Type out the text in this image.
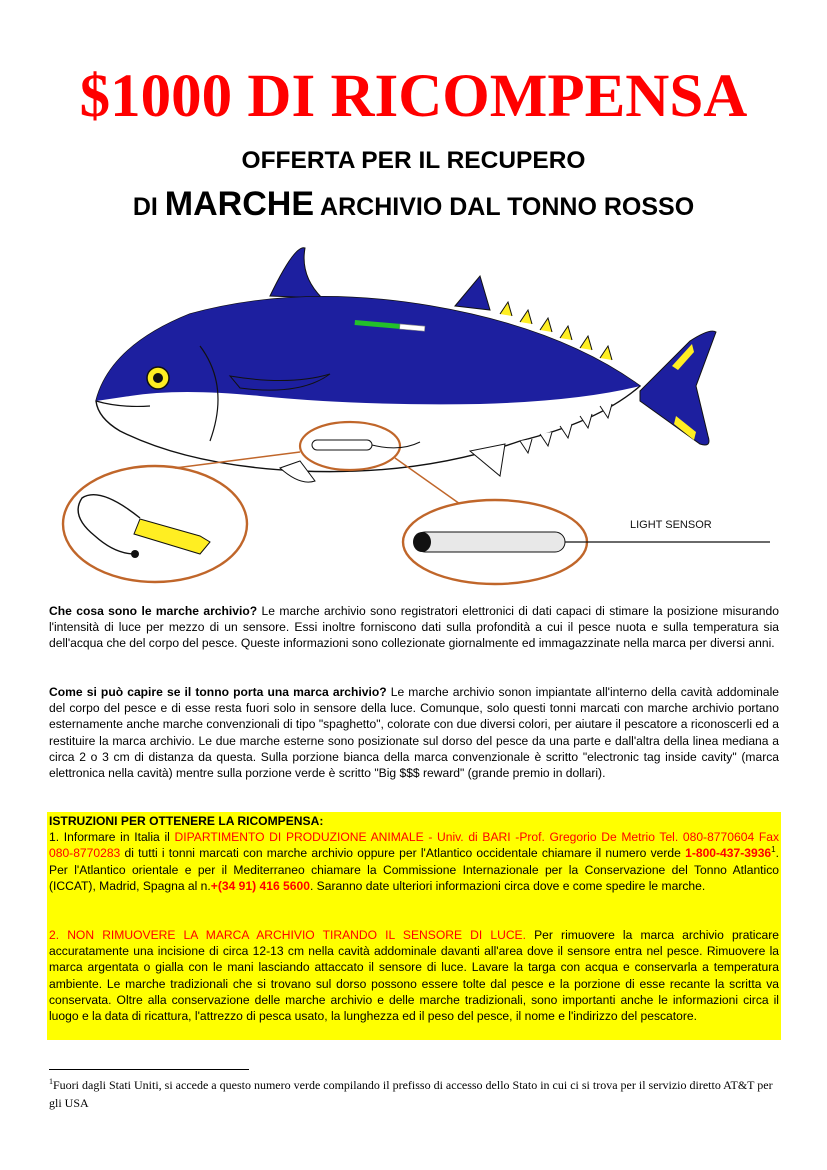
$1000 DI RICOMPENSA
OFFERTA PER IL RECUPERO
DI MARCHE ARCHIVIO DAL TONNO ROSSO
LIGHT SENSOR

Che cosa sono le marche archivio? Le marche archivio sono registratori elettronici di dati capaci di stimare la posizione misurando l'intensità di luce per mezzo di un sensore. Essi inoltre forniscono dati sulla profondità a cui il pesce nuota e sulla temperatura sia dell'acqua che del corpo del pesce. Queste informazioni sono collezionate giornalmente ed immagazzinate nella marca per diversi anni.

Come si può capire se il tonno porta una marca archivio? Le marche archivio sonon impiantate all'interno della cavità addominale del corpo del pesce e di esse resta fuori solo in sensore della luce. Comunque, solo questi tonni marcati con marche archivio portano esternamente anche marche convenzionali di tipo "spaghetto", colorate con due diversi colori, per aiutare il pescatore a riconoscerli ed a restituire la marca archivio. Le due marche esterne sono posizionate sul dorso del pesce da una parte e dall'altra della linea mediana a circa 2 o 3 cm di distanza da questa. Sulla porzione bianca della marca convenzionale è scritto "electronic tag inside cavity" (marca elettronica nella cavità) mentre sulla porzione verde è scritto "Big $$$ reward" (grande premio in dollari).

ISTRUZIONI PER OTTENERE LA RICOMPENSA:
1. Informare in Italia il DIPARTIMENTO DI PRODUZIONE ANIMALE - Univ. di BARI -Prof. Gregorio De Metrio Tel. 080-8770604 Fax 080-8770283 di tutti i tonni marcati con marche archivio oppure per l'Atlantico occidentale chiamare il numero verde 1-800-437-3936$^1$. Per l'Atlantico orientale e per il Mediterraneo chiamare la Commissione Internazionale per la Conservazione del Tonno Atlantico (ICCAT), Madrid, Spagna al n.+(34 91) 416 5600. Saranno date ulteriori informazioni circa dove e come spedire le marche.

2. NON RIMUOVERE LA MARCA ARCHIVIO TIRANDO IL SENSORE DI LUCE. Per rimuovere la marca archivio praticare accuratamente una incisione di circa 12-13 cm nella cavità addominale davanti all'area dove il sensore entra nel pesce. Rimuovere la marca argentata o gialla con le mani lasciando attaccato il sensore di luce. Lavare la targa con acqua e conservarla a temperatura ambiente. Le marche tradizionali che si trovano sul dorso possono essere tolte dal pesce e la porzione di esse recante la scritta va conservata. Oltre alla conservazione delle marche archivio e delle marche tradizionali, sono importanti anche le informazioni circa il luogo e la data di ricattura, l'attrezzo di pesca usato, la lunghezza ed il peso del pesce, il nome e l'indirizzo del pescatore.

$^1$Fuori dagli Stati Uniti, si accede a questo numero verde compilando il prefisso di accesso dello Stato in cui ci si trova per il servizio diretto AT&T per gli USA
